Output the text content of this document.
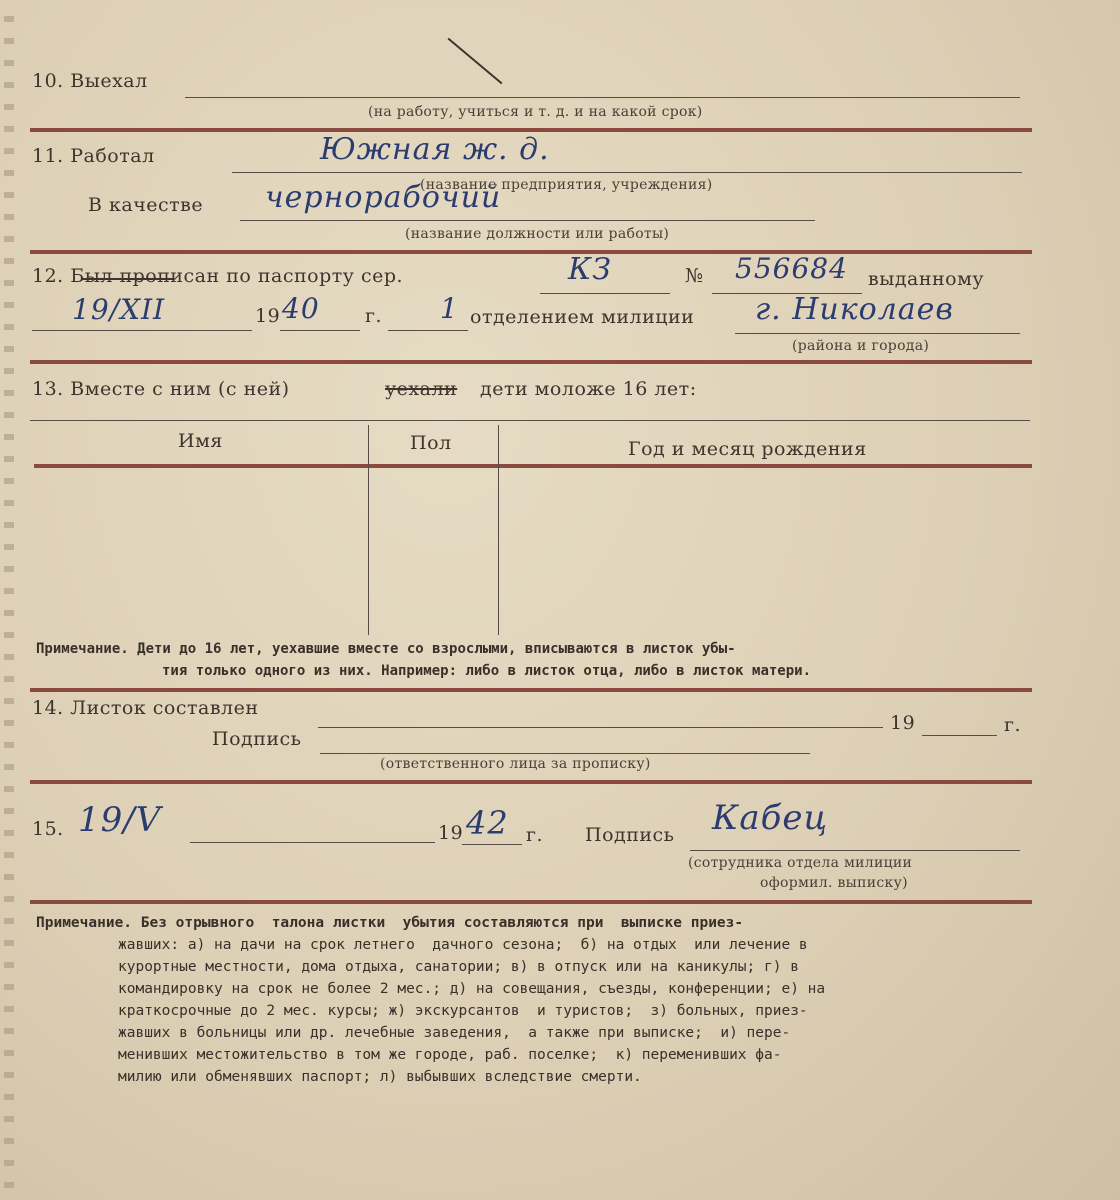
10. Выехал
(на работу, учиться и т. д. и на какой срок)
11. Работал	Южная ж. д.
(название предприятия, учреждения)
В качестве чернорабочий
(название должности или работы)
12. Был прописан по паспорту сер.	КЗ	№ 556684 выданному
19/XII	19 40 г. 1 отделением милиции г. Николаев
(района и города)
13. Вместе с ним (с ней)	уехали дети моложе 16 лет:
Имя	Пол	Год и месяц рождения
Примечание. Дети до 16 лет, уехавшие вместе со взрослыми, вписываются в листок убы-
тия только одного из них. Например: либо в листок отца, либо в листок матери.
14. Листок составлен
19	г.
Подпись
(ответственного лица за прописку)
15. 19/V	19 42 г. Подпись Кабец
(сотрудника отдела милиции
оформил. выписку)
Примечание. Без отрывного  талона листки  убытия составляются при  выписке приез-
жавших: а) на дачи на срок летнего  дачного сезона;  б) на отдых  или лечение в
курортные местности, дома отдыха, санатории; в) в отпуск или на каникулы; г) в
командировку на срок не более 2 мес.; д) на совещания, съезды, конференции; е) на
краткосрочные до 2 мес. курсы; ж) экскурсантов  и туристов;  з) больных, приез-
жавших в больницы или др. лечебные заведения,  а также при выписке;  и) пере-
менивших местожительство в том же городе, раб. поселке;  к) переменивших фа-
милию или обменявших паспорт; л) выбывших вследствие смерти.
